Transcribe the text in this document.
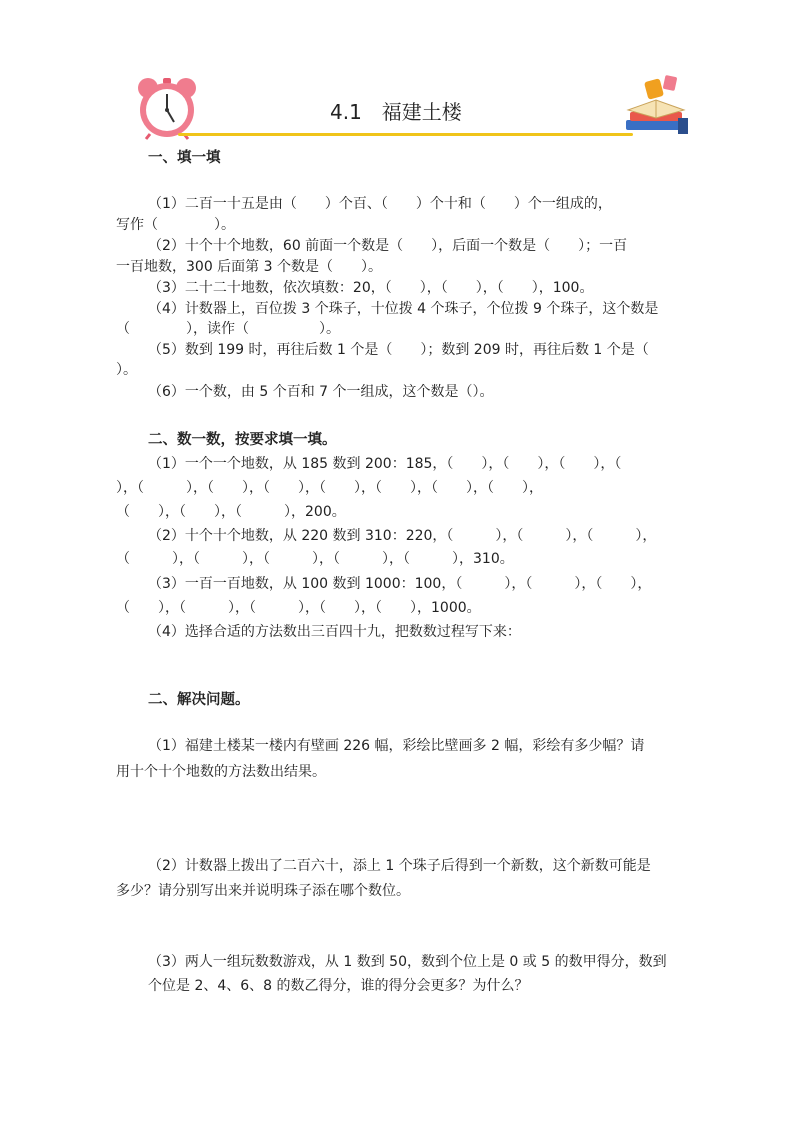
4.1　福建土楼
一、填一填
（1）二百一十五是由（　　）个百、（　　）个十和（　　）个一组成的，
写作（　　　　）。
（2）十个十个地数，60 前面一个数是（　　），后面一个数是（　　）；一百
一百地数，300 后面第 3 个数是（　　）。
（3）二十二十地数，依次填数：20，（　　），（　　），（　　），100。
（4）计数器上，百位拨 3 个珠子，十位拨 4 个珠子，个位拨 9 个珠子，这个数是
（　　　　），读作（　　　　　）。
（5）数到 199 时，再往后数 1 个是（　　）；数到 209 时，再往后数 1 个是（
）。
（6）一个数，由 5 个百和 7 个一组成，这个数是（）。
二、数一数，按要求填一填。
（1）一个一个地数，从 185 数到 200：185，（　　），（　　），（　　），（
），（　　　），（　　），（　　），（　　），（　　），（　　），（　　），
（　　），（　　），（　　　），200。
（2）十个十个地数，从 220 数到 310：220，（　　　），（　　　），（　　　），
（　　　），（　　　），（　　　），（　　　），（　　　），310。
（3）一百一百地数，从 100 数到 1000：100，（　　　），（　　　），（　　），
（　　），（　　　），（　　　），（　　），（　　），1000。
（4）选择合适的方法数出三百四十九，把数数过程写下来：
二、解决问题。
（1）福建土楼某一楼内有壁画 226 幅，彩绘比壁画多 2 幅，彩绘有多少幅？请
用十个十个地数的方法数出结果。
（2）计数器上拨出了二百六十，添上 1 个珠子后得到一个新数，这个新数可能是
多少？请分别写出来并说明珠子添在哪个数位。
（3）两人一组玩数数游戏，从 1 数到 50，数到个位上是 0 或 5 的数甲得分，数到
个位是 2、4、6、8 的数乙得分，谁的得分会更多？为什么？
